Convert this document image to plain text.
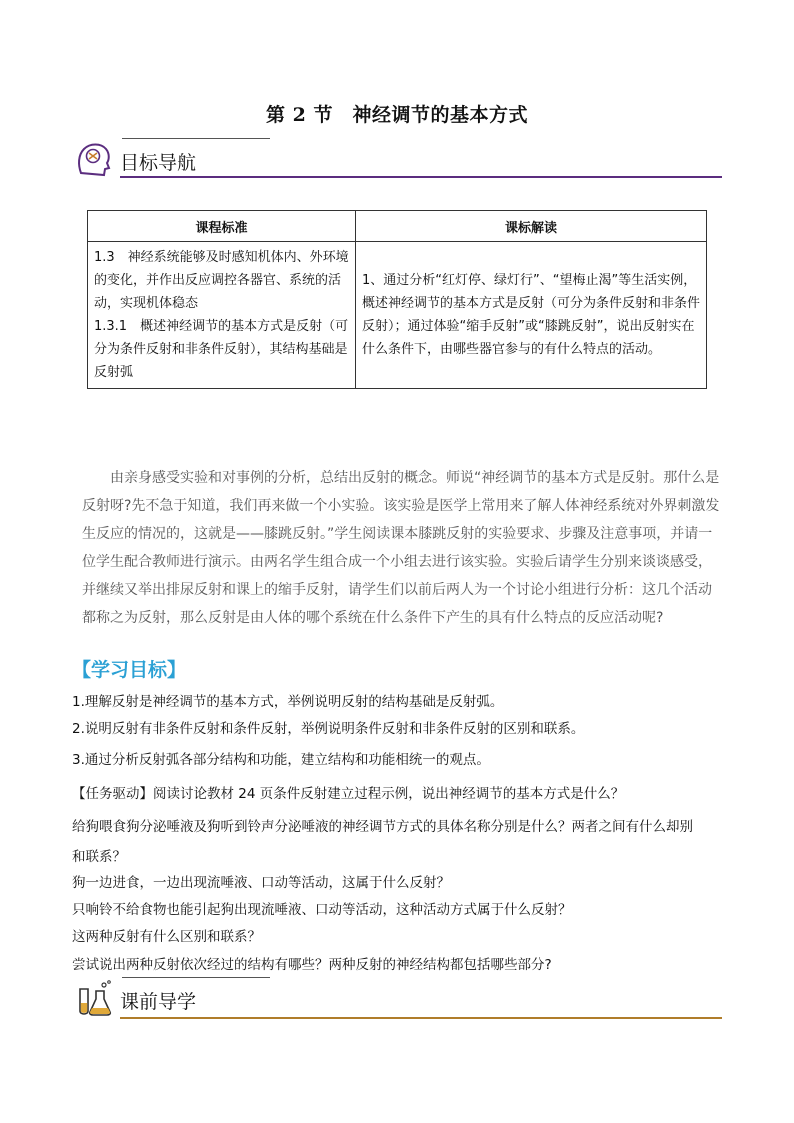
第 2 节　神经调节的基本方式
目标导航
课程标准	课标解读

1.3　神经系统能够及时感知机体内、外环境的变化，并作出反应调控各器官、系统的活动，实现机体稳态
1.3.1　概述神经调节的基本方式是反射（可分为条件反射和非条件反射），其结构基础是反射弧	1、通过分析“红灯停、绿灯行”、“望梅止渴”等生活实例，概述神经调节的基本方式是反射（可分为条件反射和非条件反射）；通过体验“缩手反射”或“膝跳反射”，说出反射实在什么条件下，由哪些器官参与的有什么特点的活动。

由亲身感受实验和对事例的分析，总结出反射的概念。师说“神经调节的基本方式是反射。那什么是反射呀?先不急于知道，我们再来做一个小实验。该实验是医学上常用来了解人体神经系统对外界刺激发生反应的情况的，这就是——膝跳反射。”学生阅读课本膝跳反射的实验要求、步骤及注意事项，并请一位学生配合教师进行演示。由两名学生组合成一个小组去进行该实验。实验后请学生分别来谈谈感受，并继续又举出排尿反射和课上的缩手反射，请学生们以前后两人为一个讨论小组进行分析：这几个活动都称之为反射，那么反射是由人体的哪个系统在什么条件下产生的具有什么特点的反应活动呢?

【学习目标】
1.理解反射是神经调节的基本方式，举例说明反射的结构基础是反射弧。
2.说明反射有非条件反射和条件反射，举例说明条件反射和非条件反射的区别和联系。
3.通过分析反射弧各部分结构和功能，建立结构和功能相统一的观点。
【任务驱动】阅读讨论教材 24 页条件反射建立过程示例，说出神经调节的基本方式是什么？
给狗喂食狗分泌唾液及狗听到铃声分泌唾液的神经调节方式的具体名称分别是什么？两者之间有什么却别
和联系？
狗一边进食，一边出现流唾液、口动等活动，这属于什么反射？
只响铃不给食物也能引起狗出现流唾液、口动等活动，这种活动方式属于什么反射？
这两种反射有什么区别和联系？
尝试说出两种反射依次经过的结构有哪些？两种反射的神经结构都包括哪些部分?
课前导学
